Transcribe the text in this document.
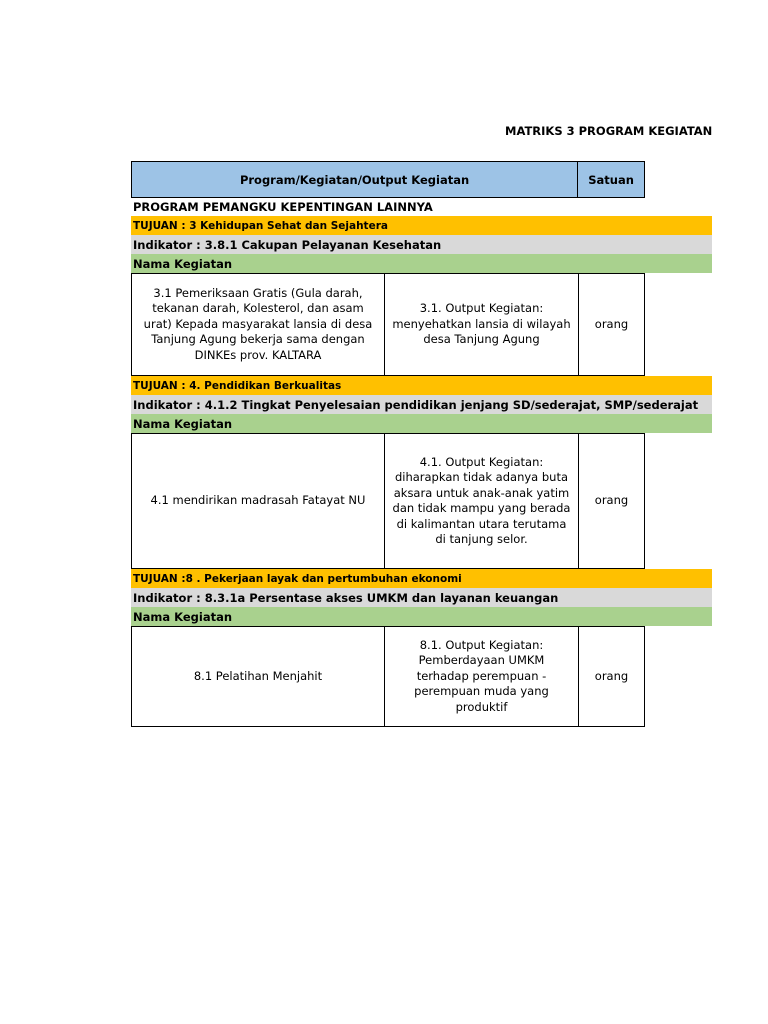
MATRIKS 3 PROGRAM KEGIATAN
Program/Kegiatan/Output Kegiatan	Satuan
PROGRAM PEMANGKU KEPENTINGAN LAINNYA
TUJUAN : 3 Kehidupan Sehat dan Sejahtera
Indikator : 3.8.1 Cakupan Pelayanan Kesehatan
Nama Kegiatan
3.1 Pemeriksaan Gratis (Gula darah,
tekanan darah, Kolesterol, dan asam
urat) Kepada masyarakat lansia di desa
Tanjung Agung bekerja sama dengan
DINKEs prov. KALTARA
3.1. Output Kegiatan:
menyehatkan lansia di wilayah
desa Tanjung Agung
orang
TUJUAN : 4. Pendidikan Berkualitas
Indikator : 4.1.2 Tingkat Penyelesaian pendidikan jenjang SD/sederajat, SMP/sederajat
Nama Kegiatan
4.1 mendirikan madrasah Fatayat NU
4.1. Output Kegiatan:
diharapkan tidak adanya buta
aksara untuk anak-anak yatim
dan tidak mampu yang berada
di kalimantan utara terutama
di tanjung selor.
orang
TUJUAN :8 . Pekerjaan layak dan pertumbuhan ekonomi
Indikator : 8.3.1a Persentase akses UMKM dan layanan keuangan
Nama Kegiatan
8.1 Pelatihan Menjahit
8.1. Output Kegiatan:
Pemberdayaan UMKM
terhadap perempuan -
perempuan muda yang
produktif
orang
